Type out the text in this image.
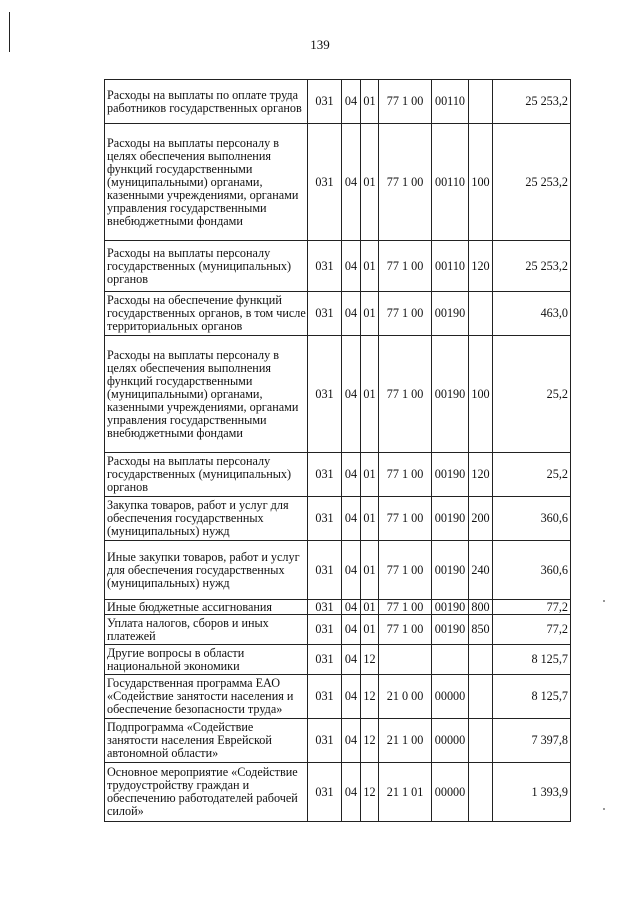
139
Расходы на выплаты по оплате труда работников государственных органов	031	04	01	77 1 00	00110		25 253,2
Расходы на выплаты персоналу в целях обеспечения выполнения функций государственными (муниципальными) органами, казенными учреждениями, органами управления государственными внебюджетными фондами	031	04	01	77 1 00	00110	100	25 253,2
Расходы на выплаты персоналу государственных (муниципальных) органов	031	04	01	77 1 00	00110	120	25 253,2
Расходы на обеспечение функций государственных органов, в том числе территориальных органов	031	04	01	77 1 00	00190		463,0
Расходы на выплаты персоналу в целях обеспечения выполнения функций государственными (муниципальными) органами, казенными учреждениями, органами управления государственными внебюджетными фондами	031	04	01	77 1 00	00190	100	25,2
Расходы на выплаты персоналу государственных (муниципальных) органов	031	04	01	77 1 00	00190	120	25,2
Закупка товаров, работ и услуг для обеспечения государственных (муниципальных) нужд	031	04	01	77 1 00	00190	200	360,6
Иные закупки товаров, работ и услуг для обеспечения государственных (муниципальных) нужд	031	04	01	77 1 00	00190	240	360,6
Иные бюджетные ассигнования	031	04	01	77 1 00	00190	800	77,2
Уплата налогов, сборов и иных платежей	031	04	01	77 1 00	00190	850	77,2
Другие вопросы в области национальной экономики	031	04	12				8 125,7
Государственная программа ЕАО «Содействие занятости населения и обеспечение безопасности труда»	031	04	12	21 0 00	00000		8 125,7
Подпрограмма «Содействие занятости населения Еврейской автономной области»	031	04	12	21 1 00	00000		7 397,8
Основное мероприятие «Содействие трудоустройству граждан и обеспечению работодателей рабочей силой»	031	04	12	21 1 01	00000		1 393,9
